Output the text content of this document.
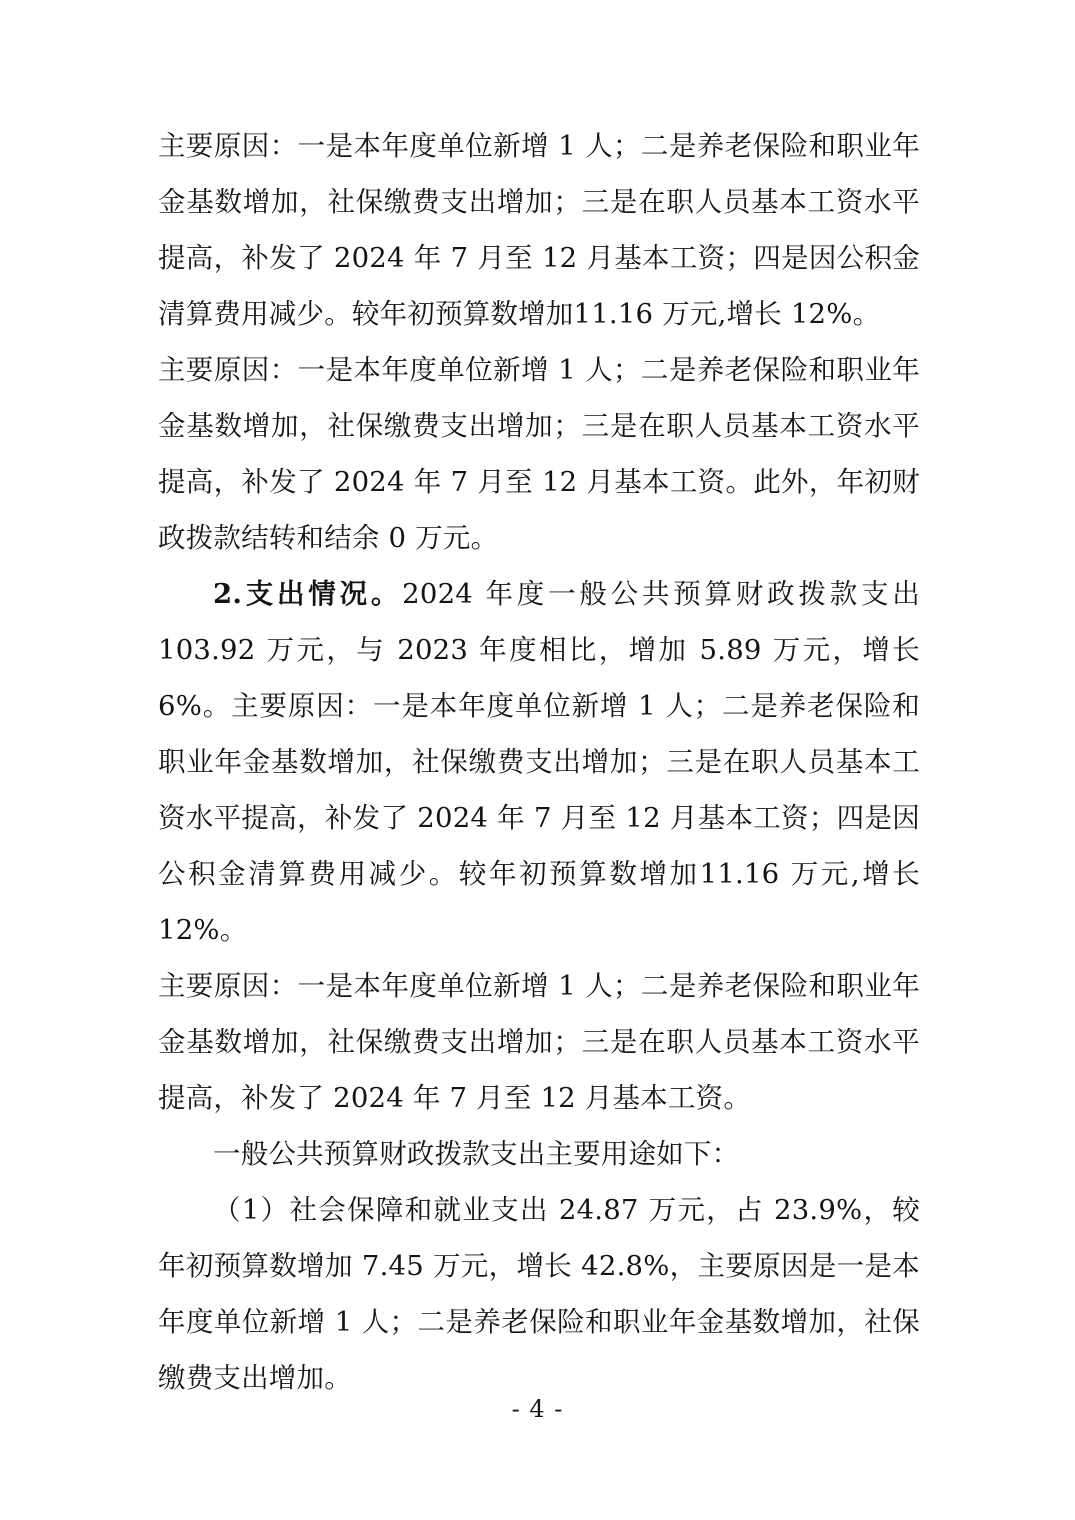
主要原因：一是本年度单位新增 1 人；二是养老保险和职业年金基数增加，社保缴费支出增加；三是在职人员基本工资水平提高，补发了 2024 年 7 月至 12 月基本工资；四是因公积金清算费用减少。较年初预算数增加11.16 万元,增长 12%。

主要原因：一是本年度单位新增 1 人；二是养老保险和职业年金基数增加，社保缴费支出增加；三是在职人员基本工资水平提高，补发了 2024 年 7 月至 12 月基本工资。此外，年初财政拨款结转和结余 0 万元。

2.支出情况。2024 年度一般公共预算财政拨款支出 103.92 万元，与 2023 年度相比，增加 5.89 万元，增长 6%。主要原因：一是本年度单位新增 1 人；二是养老保险和职业年金基数增加，社保缴费支出增加；三是在职人员基本工资水平提高，补发了 2024 年 7 月至 12 月基本工资；四是因公积金清算费用减少。较年初预算数增加11.16 万元,增长 12%。

主要原因：一是本年度单位新增 1 人；二是养老保险和职业年金基数增加，社保缴费支出增加；三是在职人员基本工资水平提高，补发了 2024 年 7 月至 12 月基本工资。

一般公共预算财政拨款支出主要用途如下：

（1）社会保障和就业支出 24.87 万元，占 23.9%，较年初预算数增加 7.45 万元，增长 42.8%，主要原因是一是本年度单位新增 1 人；二是养老保险和职业年金基数增加，社保缴费支出增加。

- 4 -
